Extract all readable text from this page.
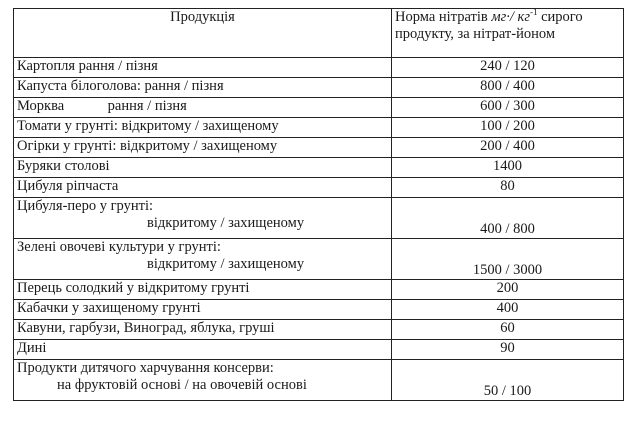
Продукція	Норма нітратів мг·/ $кг^{-1}$ сирого продукту, за нітрат-йоном
Картопля рання / пізня	240 / 120
Капуста білоголова: рання / пізня	800 / 400
Морква            рання / пізня	600 / 300
Томати у грунті: відкритому / захищеному	100 / 200
Огірки у грунті: відкритому / захищеному	200 / 400
Буряки столові	1400
Цибуля ріпчаста	80

Цибуля-перо у грунті:
відкритому / захищеному	400 / 800

Зелені овочеві культури у грунті:
відкритому / захищеному	1500 / 3000
Перець солодкий у відкритому грунті	200
Кабачки у захищеному грунті	400
Кавуни, гарбузи, Виноград, яблука, груші	60
Дині	90

Продукти дитячого харчування консерви:
на фруктовій основі / на овочевій основі	50 / 100
